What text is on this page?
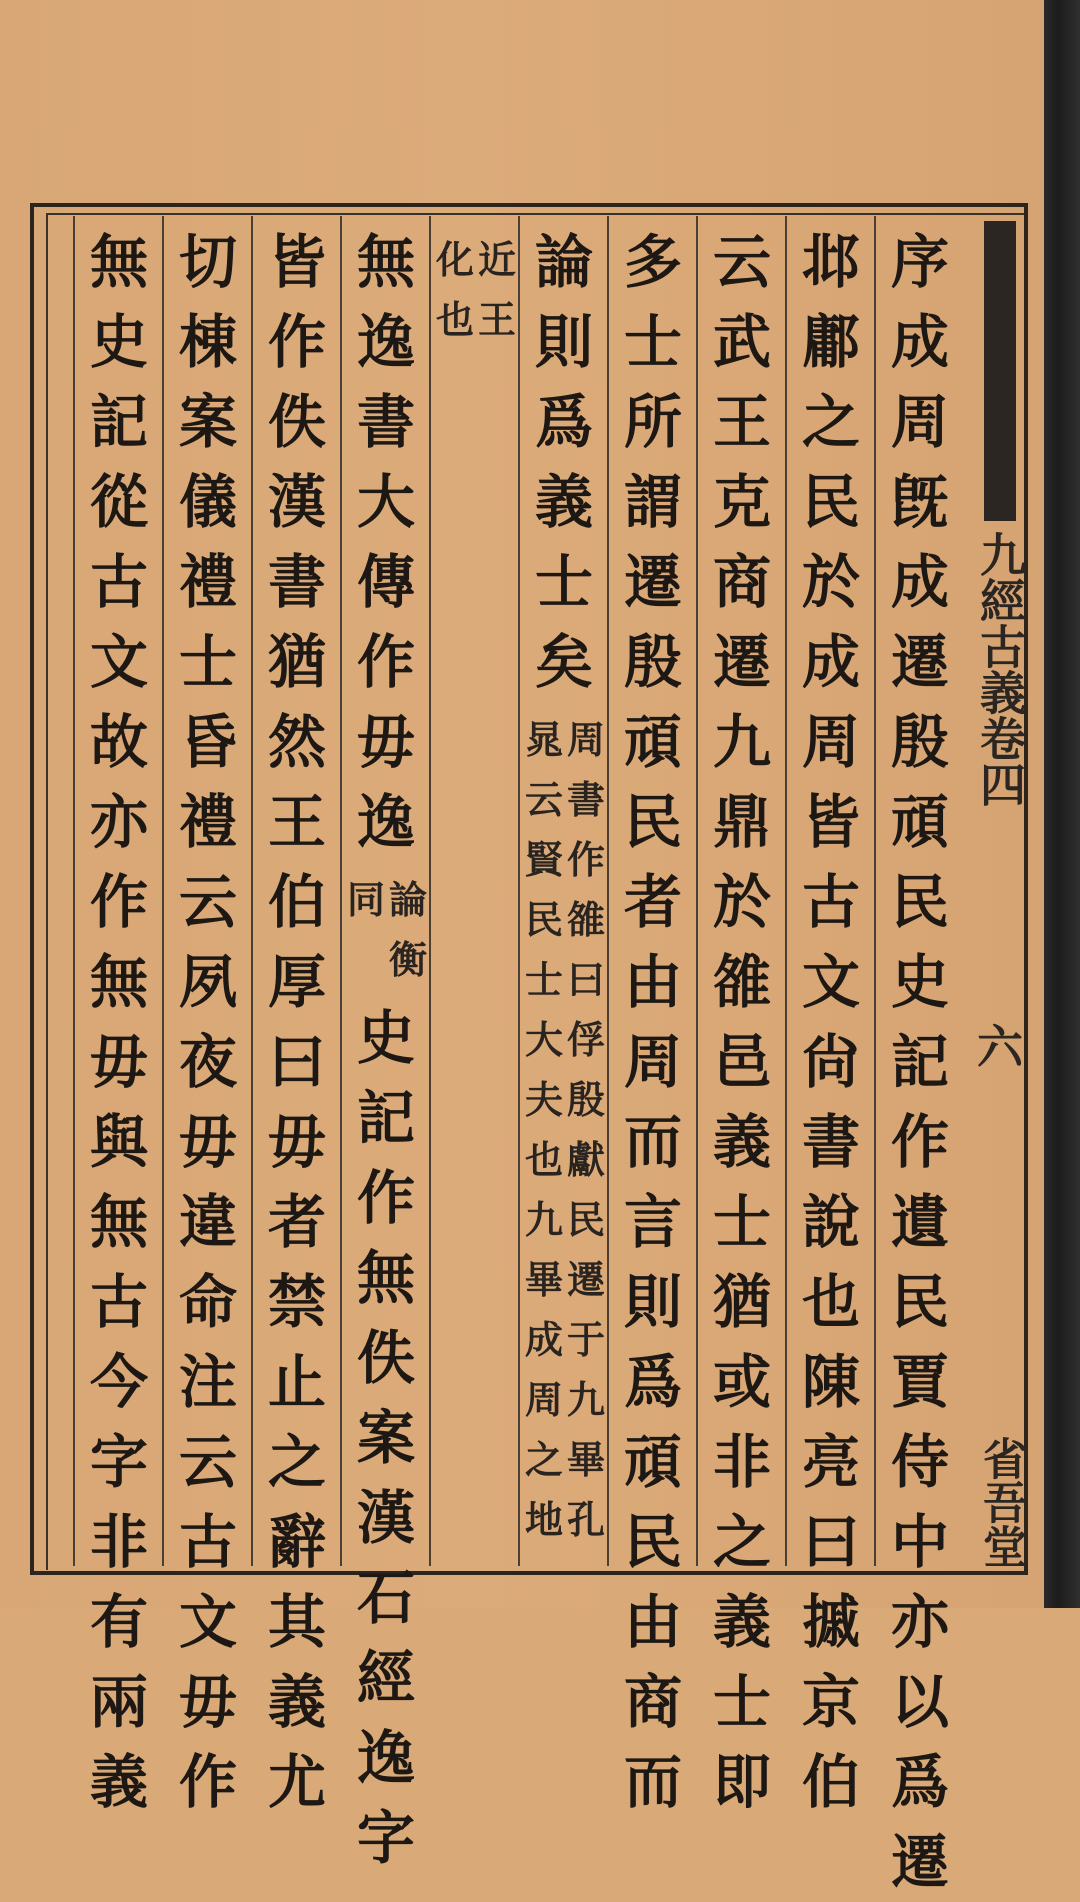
九經古義卷四
六
省吾堂
序
成
周
旣
成
遷
殷
頑
民
史
記
作
遺
民
賈
侍
中
亦
以
爲
遷
邶
鄘
之
民
於
成
周
皆
古
文
尙
書
說
也
陳
亮
曰
摵
京
伯
云
武
王
克
商
遷
九
鼎
於
雒
邑
義
士
猶
或
非
之
義
士
即
多
士
所
謂
遷
殷
頑
民
者
由
周
而
言
則
爲
頑
民
由
商
而
論
則
爲
義
士
矣
周
書
作
雒
曰
俘
殷
獻
民
遷
于
九
畢
孔
晁
云
賢
民
士
大
夫
也
九
畢
成
周
之
地
近
王
化
也
無
逸
書
大
傳
作
毋
逸
論
衡
同
史
記
作
無
佚
案
漢
石
經
逸
字
皆
作
佚
漢
書
猶
然
王
伯
厚
曰
毋
者
禁
止
之
辭
其
義
尤
切
棟
案
儀
禮
士
昏
禮
云
夙
夜
毋
違
命
注
云
古
文
毋
作
無
史
記
從
古
文
故
亦
作
無
毋
與
無
古
今
字
非
有
兩
義
